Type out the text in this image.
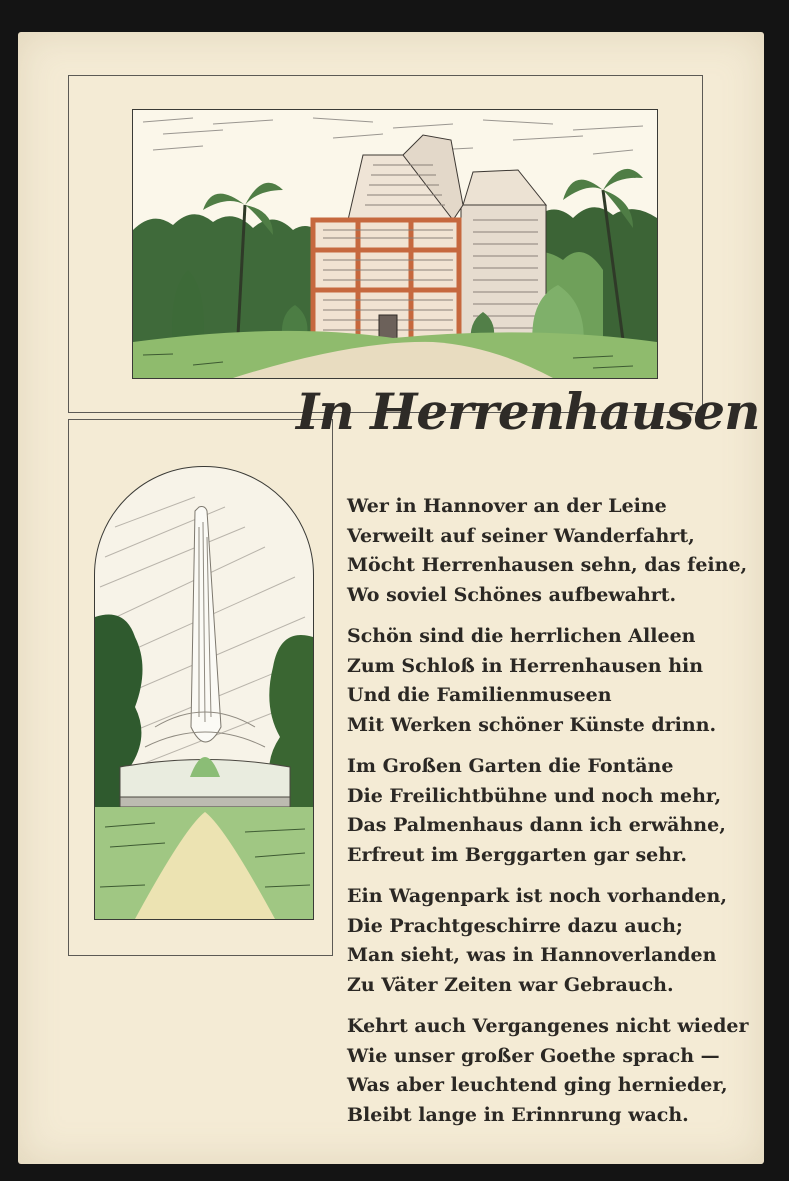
In Herrenhausen
Wer in Hannover an der Leine
Verweilt auf seiner Wanderfahrt,
Möcht Herrenhausen sehn, das feine,
Wo soviel Schönes aufbewahrt.
Schön sind die herrlichen Alleen
Zum Schloß in Herrenhausen hin
Und die Familienmuseen
Mit Werken schöner Künste drinn.
Im Großen Garten die Fontäne
Die Freilichtbühne und noch mehr,
Das Palmenhaus dann ich erwähne,
Erfreut im Berggarten gar sehr.
Ein Wagenpark ist noch vorhanden,
Die Prachtgeschirre dazu auch;
Man sieht, was in Hannoverlanden
Zu Väter Zeiten war Gebrauch.
Kehrt auch Vergangenes nicht wieder
Wie unser großer Goethe sprach —
Was aber leuchtend ging hernieder,
Bleibt lange in Erinnrung wach.
